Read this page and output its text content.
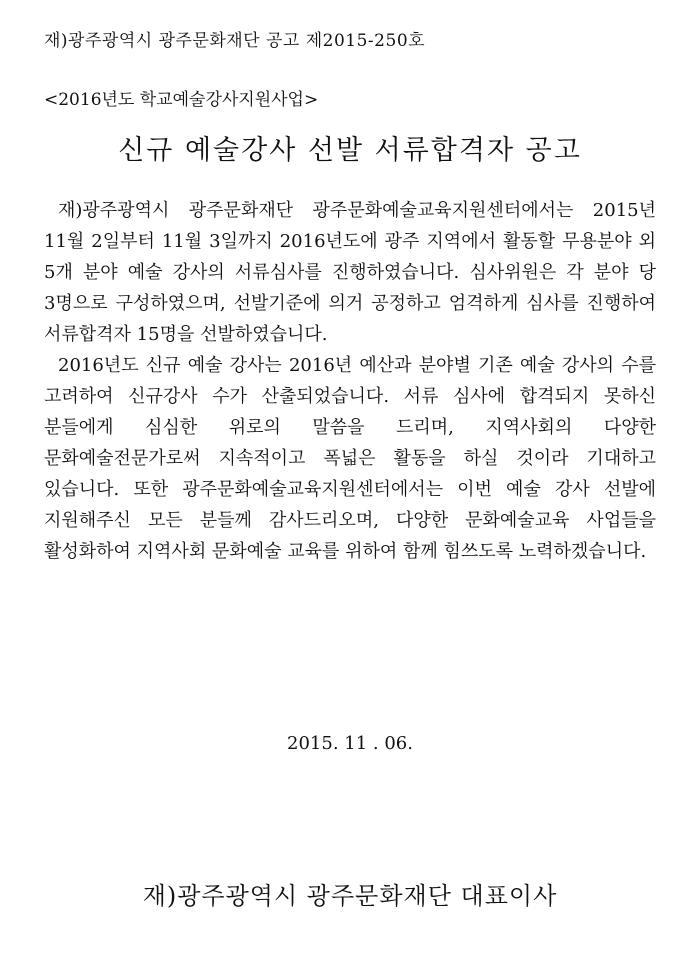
재)광주광역시 광주문화재단 공고 제2015-250호
<2016년도 학교예술강사지원사업>
신규 예술강사 선발 서류합격자 공고

재)광주광역시 광주문화재단 광주문화예술교육지원센터에서는 2015년 11월 2일부터 11월 3일까지 2016년도에 광주 지역에서 활동할 무용분야 외 5개 분야 예술 강사의 서류심사를 진행하였습니다. 심사위원은 각 분야 당 3명으로 구성하였으며, 선발기준에 의거 공정하고 엄격하게 심사를 진행하여 서류합격자 15명을 선발하였습니다.

2016년도 신규 예술 강사는 2016년 예산과 분야별 기존 예술 강사의 수를 고려하여 신규강사 수가 산출되었습니다. 서류 심사에 합격되지 못하신 분들에게 심심한 위로의 말씀을 드리며, 지역사회의 다양한 문화예술전문가로써 지속적이고 폭넓은 활동을 하실 것이라 기대하고 있습니다. 또한 광주문화예술교육지원센터에서는 이번 예술 강사 선발에 지원해주신 모든 분들께 감사드리오며, 다양한 문화예술교육 사업들을 활성화하여 지역사회 문화예술 교육를 위하여 함께 힘쓰도록 노력하겠습니다.

2015. 11 . 06.
재)광주광역시 광주문화재단 대표이사
